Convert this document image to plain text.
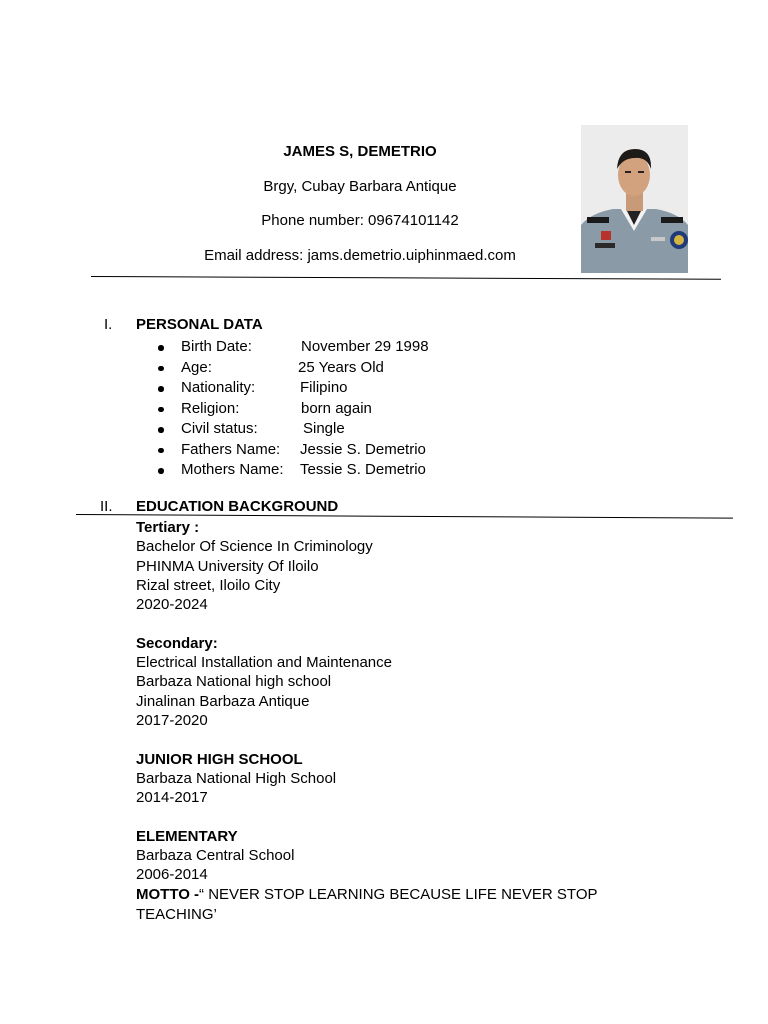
JAMES S, DEMETRIO
Brgy, Cubay Barbara Antique
Phone number: 09674101142
Email address: jams.demetrio.uiphinmaed.com
I. PERSONAL DATA
Birth Date:	November 29 1998
Age:	25 Years Old
Nationality:	Filipino
Religion:	born again
Civil status:	Single
Fathers Name: Jessie S. Demetrio
Mothers Name: Tessie S. Demetrio
II. EDUCATION BACKGROUND
Tertiary :
Bachelor Of Science In Criminology
PHINMA University Of Iloilo
Rizal street, Iloilo City
2020-2024
Secondary:
Electrical Installation and Maintenance
Barbaza National high school
Jinalinan Barbaza Antique
2017-2020
JUNIOR HIGH SCHOOL
Barbaza National High School
2014-2017
ELEMENTARY
Barbaza Central School
2006-2014
MOTTO -“ NEVER STOP LEARNING BECAUSE LIFE NEVER STOP TEACHING’
